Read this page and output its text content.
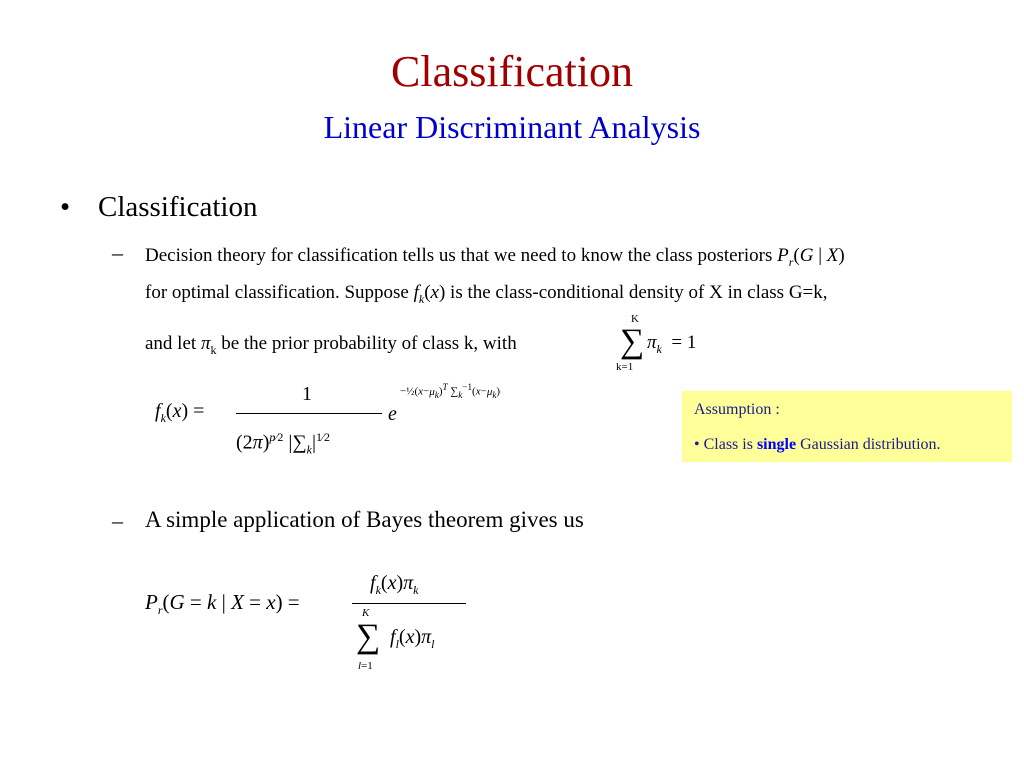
Classification
Linear Discriminant Analysis
• Classification
– Decision theory for classification tells us that we need to know the class posteriors $P_r(G$ | X)
for optimal classification. Suppose $f_k(x)$ is the class-conditional density of X in class G=k,
and let $\pi_k$ be the prior probability of class k, with
K
∑
k=1
$\pi_k = 1$
$f_k(x)$ =
1
$(2\pi)^{p⁄2}$ $|\sum_k|^{1⁄2}$
e
$-\frac{1}{2}(x-\mu_k)^T$ $\sum_k^{-1}(x-\mu_k)$
Assumption :
• Class is single Gaussian distribution.
– A simple application of Bayes theorem gives us
$P_r(G = k$ | X = x) =
$f_k(x)\pi_k$
K
∑
l=1
$f_l(x)\pi_l$
